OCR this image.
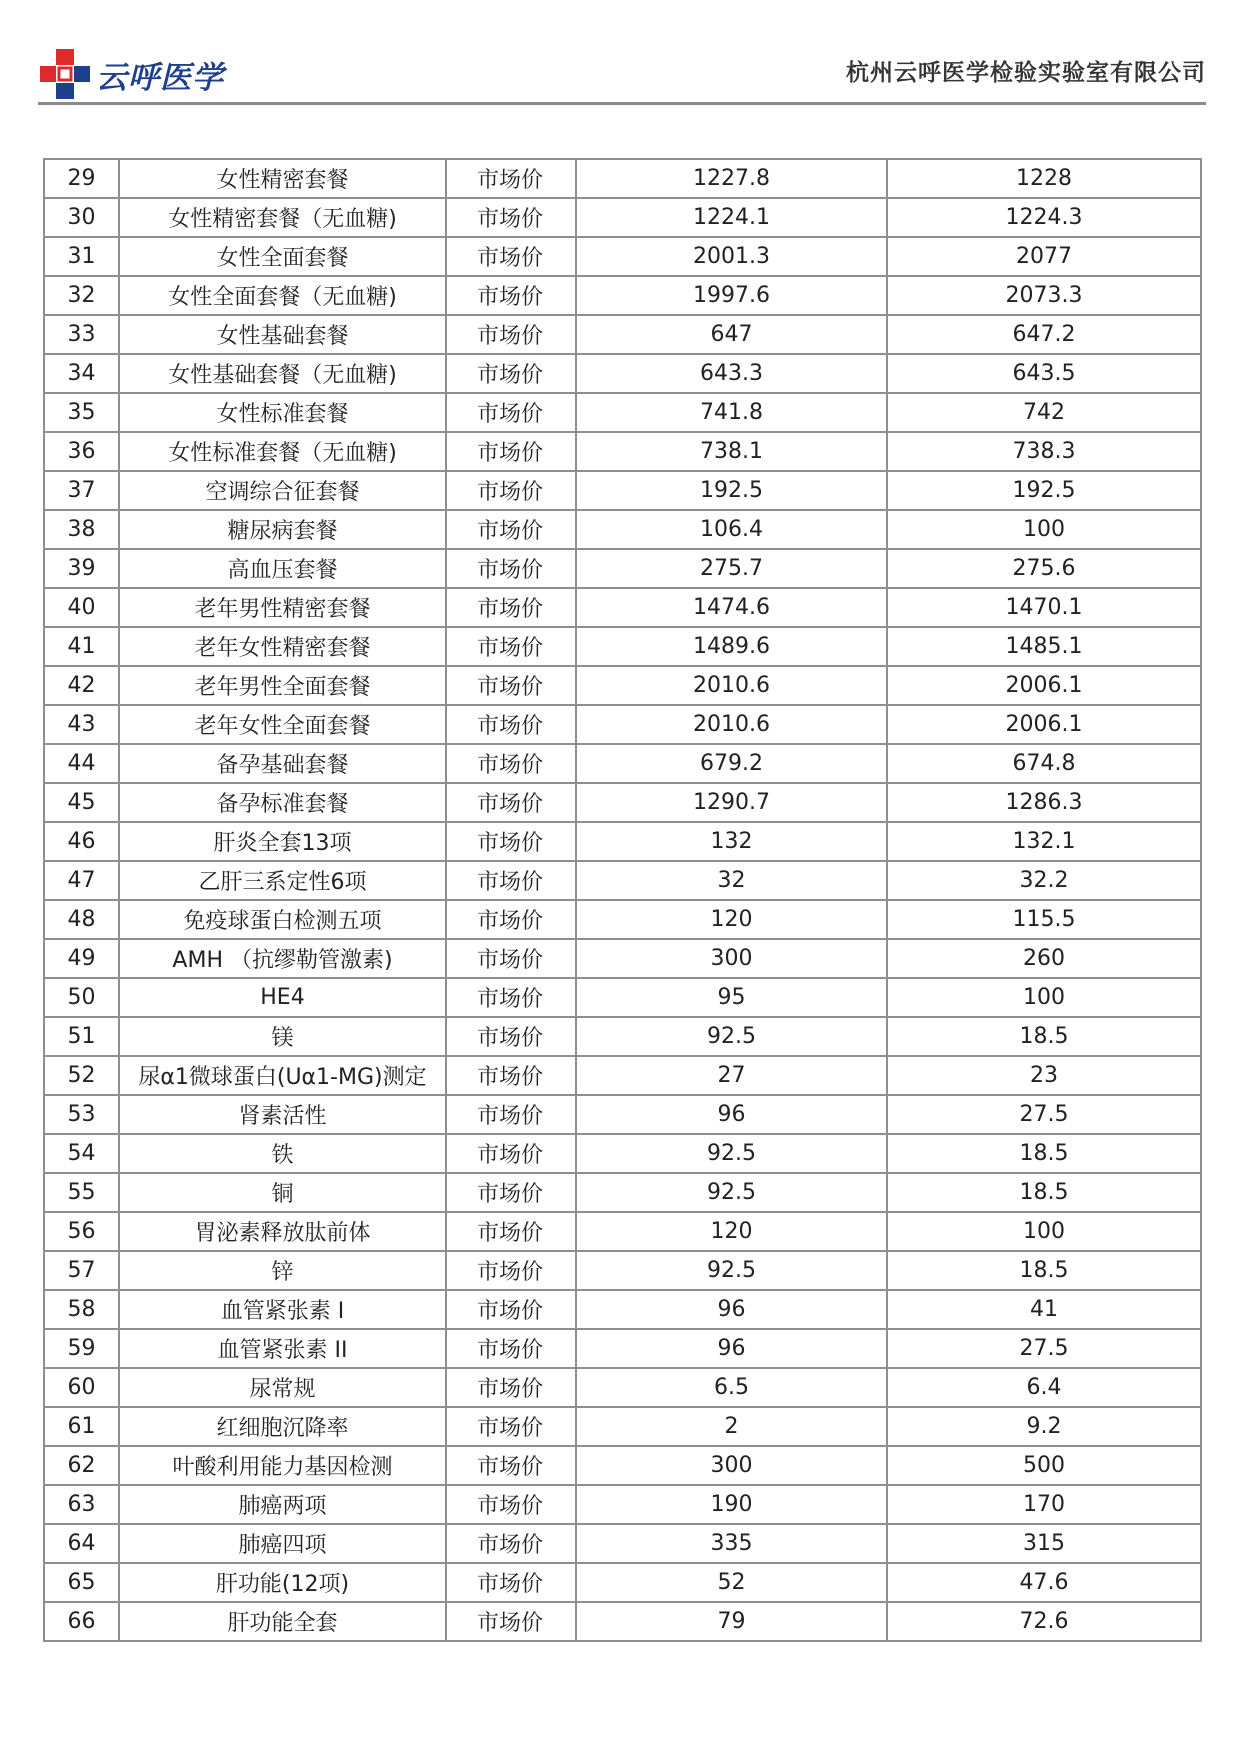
云呼医学	杭州云呼医学检验实验室有限公司
29	女性精密套餐	市场价	1227.8	1228
30	女性精密套餐（无血糖)	市场价	1224.1	1224.3
31	女性全面套餐	市场价	2001.3	2077
32	女性全面套餐（无血糖)	市场价	1997.6	2073.3
33	女性基础套餐	市场价	647	647.2
34	女性基础套餐（无血糖)	市场价	643.3	643.5
35	女性标准套餐	市场价	741.8	742
36	女性标准套餐（无血糖)	市场价	738.1	738.3
37	空调综合征套餐	市场价	192.5	192.5
38	糖尿病套餐	市场价	106.4	100
39	高血压套餐	市场价	275.7	275.6
40	老年男性精密套餐	市场价	1474.6	1470.1
41	老年女性精密套餐	市场价	1489.6	1485.1
42	老年男性全面套餐	市场价	2010.6	2006.1
43	老年女性全面套餐	市场价	2010.6	2006.1
44	备孕基础套餐	市场价	679.2	674.8
45	备孕标准套餐	市场价	1290.7	1286.3
46	肝炎全套13项	市场价	132	132.1
47	乙肝三系定性6项	市场价	32	32.2
48	免疫球蛋白检测五项	市场价	120	115.5
49	AMH （抗缪勒管激素)	市场价	300	260
50	HE4	市场价	95	100
51	镁	市场价	92.5	18.5
52	尿α1微球蛋白(Uα1-MG)测定	市场价	27	23
53	肾素活性	市场价	96	27.5
54	铁	市场价	92.5	18.5
55	铜	市场价	92.5	18.5
56	胃泌素释放肽前体	市场价	120	100
57	锌	市场价	92.5	18.5
58	血管紧张素 I	市场价	96	41
59	血管紧张素 II	市场价	96	27.5
60	尿常规	市场价	6.5	6.4
61	红细胞沉降率	市场价	2	9.2
62	叶酸利用能力基因检测	市场价	300	500
63	肺癌两项	市场价	190	170
64	肺癌四项	市场价	335	315
65	肝功能(12项)	市场价	52	47.6
66	肝功能全套	市场价	79	72.6
